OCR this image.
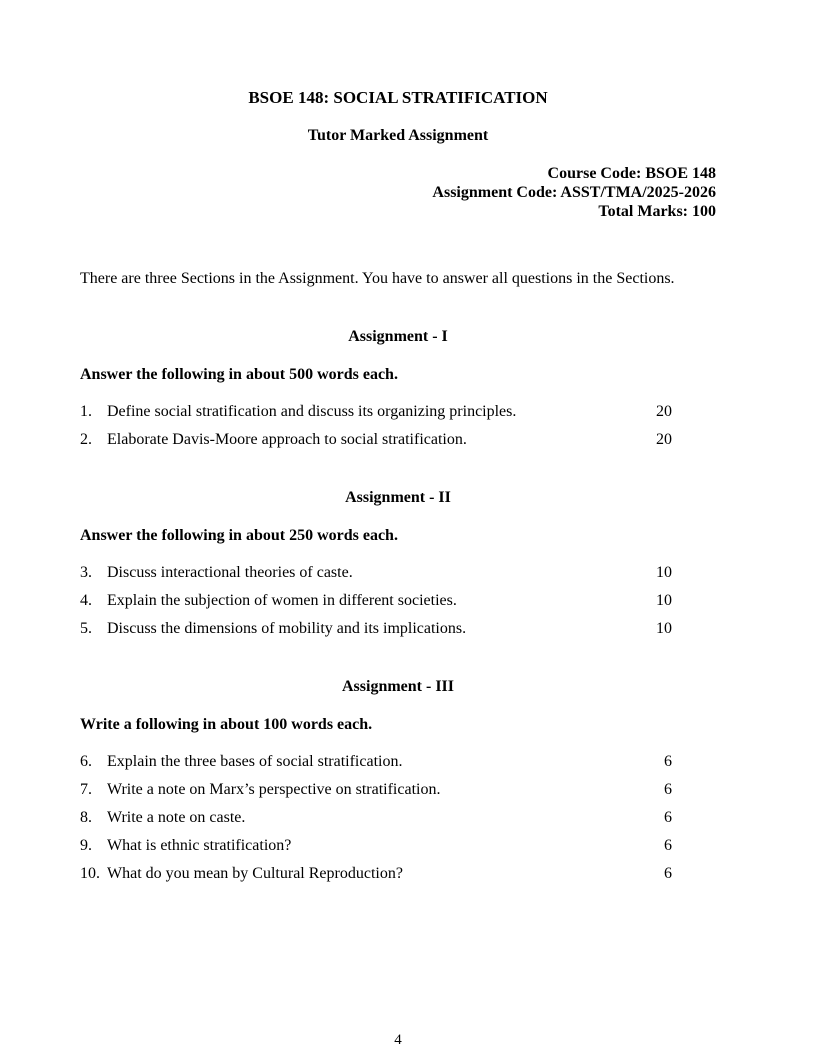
BSOE 148: SOCIAL STRATIFICATION
Tutor Marked Assignment
Course Code: BSOE 148
Assignment Code: ASST/TMA/2025-2026
Total Marks: 100

There are three Sections in the Assignment. You have to answer all questions in the Sections.

Assignment - I
Answer the following in about 500 words each.
1. Define social stratification and discuss its organizing principles.	20
2. Elaborate Davis-Moore approach to social stratification.	20
Assignment - II
Answer the following in about 250 words each.
3. Discuss interactional theories of caste.	10
4. Explain the subjection of women in different societies.	10
5. Discuss the dimensions of mobility and its implications.	10
Assignment - III
Write a following in about 100 words each.
6. Explain the three bases of social stratification.	6
7. Write a note on Marx’s perspective on stratification.	6
8. Write a note on caste.	6
9. What is ethnic stratification?	6
10. What do you mean by Cultural Reproduction?	6
4
